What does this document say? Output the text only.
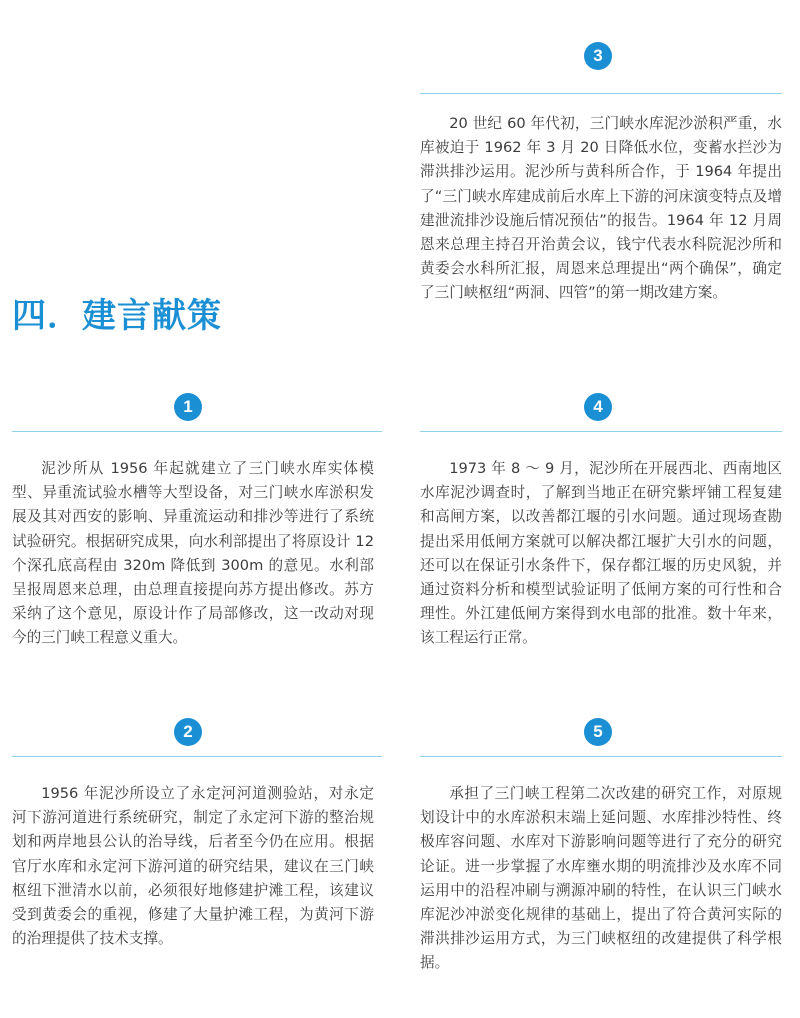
四．建言献策
3

20 世纪 60 年代初，三门峡水库泥沙淤积严重，水库被迫于 1962 年 3 月 20 日降低水位，变蓄水拦沙为滞洪排沙运用。泥沙所与黄科所合作，于 1964 年提出了“三门峡水库建成前后水库上下游的河床演变特点及增建泄流排沙设施后情况预估”的报告。1964 年 12 月周恩来总理主持召开治黄会议，钱宁代表水科院泥沙所和黄委会水科所汇报，周恩来总理提出“两个确保”，确定了三门峡枢纽“两洞、四管”的第一期改建方案。

1

泥沙所从 1956 年起就建立了三门峡水库实体模型、异重流试验水槽等大型设备，对三门峡水库淤积发展及其对西安的影响、异重流运动和排沙等进行了系统试验研究。根据研究成果，向水利部提出了将原设计 12 个深孔底高程由 320m 降低到 300m 的意见。水利部呈报周恩来总理，由总理直接提向苏方提出修改。苏方采纳了这个意见，原设计作了局部修改，这一改动对现今的三门峡工程意义重大。

4

1973 年 8 ～ 9 月，泥沙所在开展西北、西南地区水库泥沙调查时，了解到当地正在研究紫坪铺工程复建和高闸方案，以改善都江堰的引水问题。通过现场查勘提出采用低闸方案就可以解决都江堰扩大引水的问题，还可以在保证引水条件下，保存都江堰的历史风貌，并通过资料分析和模型试验证明了低闸方案的可行性和合理性。外江建低闸方案得到水电部的批准。数十年来，该工程运行正常。

2

1956 年泥沙所设立了永定河河道测验站，对永定河下游河道进行系统研究，制定了永定河下游的整治规划和两岸地县公认的治导线，后者至今仍在应用。根据官厅水库和永定河下游河道的研究结果，建议在三门峡枢纽下泄清水以前，必须很好地修建护滩工程，该建议受到黄委会的重视，修建了大量护滩工程，为黄河下游的治理提供了技术支撑。

5

承担了三门峡工程第二次改建的研究工作，对原规划设计中的水库淤积末端上延问题、水库排沙特性、终极库容问题、水库对下游影响问题等进行了充分的研究论证。进一步掌握了水库壅水期的明流排沙及水库不同运用中的沿程冲刷与溯源冲刷的特性，在认识三门峡水库泥沙冲淤变化规律的基础上，提出了符合黄河实际的滞洪排沙运用方式，为三门峡枢纽的改建提供了科学根据。
